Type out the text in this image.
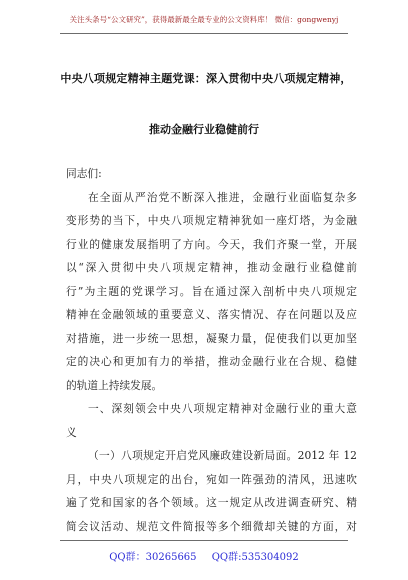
关注头条号“公文研究”，获得最新最全最专业的公文资料库！ 微信：gongwenyj
中央八项规定精神主题党课：深入贯彻中央八项规定精神，
推动金融行业稳健前行
同志们:
在全面从严治党不断深入推进，金融行业面临复杂多
变形势的当下，中央八项规定精神犹如一座灯塔，为金融
行业的健康发展指明了方向。今天，我们齐聚一堂，开展
以“深入贯彻中央八项规定精神，推动金融行业稳健前
行”为主题的党课学习。旨在通过深入剖析中央八项规定
精神在金融领域的重要意义、落实情况、存在问题以及应
对措施，进一步统一思想，凝聚力量，促使我们以更加坚
定的决心和更加有力的举措，推动金融行业在合规、稳健
的轨道上持续发展。
一、深刻领会中央八项规定精神对金融行业的重大意
义
（一）八项规定开启党风廉政建设新局面。2012 年 12
月，中央八项规定的出台，宛如一阵强劲的清风，迅速吹
遍了党和国家的各个领域。这一规定从改进调查研究、精
简会议活动、规范文件简报等多个细微却关键的方面，对
QQ群：30265665 QQ群:535304092
